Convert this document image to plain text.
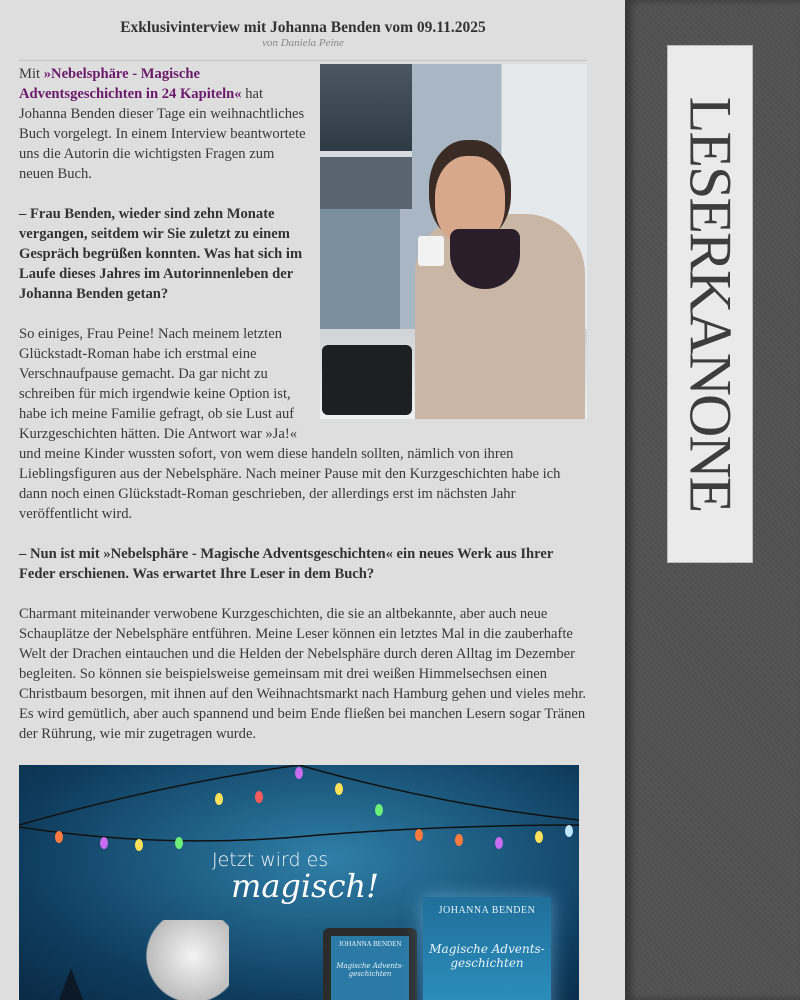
Exklusivinterview mit Johanna Benden vom 09.11.2025
von Daniela Peine

Mit »Nebelsphäre - Magische Adventsgeschichten in 24 Kapiteln« hat Johanna Benden dieser Tage ein weihnachtliches Buch vorgelegt. In einem Interview beantwortete uns die Autorin die wichtigsten Fragen zum neuen Buch.

– Frau Benden, wieder sind zehn Monate vergangen, seitdem wir Sie zuletzt zu einem Gespräch begrüßen konnten. Was hat sich im Laufe dieses Jahres im Autorinnenleben der Johanna Benden getan?

So einiges, Frau Peine! Nach meinem letzten Glückstadt-Roman habe ich erstmal eine Verschnaufpause gemacht. Da gar nicht zu schreiben für mich irgendwie keine Option ist, habe ich meine Familie gefragt, ob sie Lust auf Kurzgeschichten hätten. Die Antwort war »Ja!« und meine Kinder wussten sofort, von wem diese handeln sollten, nämlich von ihren Lieblingsfiguren aus der Nebelsphäre. Nach meiner Pause mit den Kurzgeschichten habe ich dann noch einen Glückstadt-Roman geschrieben, der allerdings erst im nächsten Jahr veröffentlicht wird.

– Nun ist mit »Nebelsphäre - Magische Adventsgeschichten« ein neues Werk aus Ihrer Feder erschienen. Was erwartet Ihre Leser in dem Buch?

Charmant miteinander verwobene Kurzgeschichten, die sie an altbekannte, aber auch neue Schauplätze der Nebelsphäre entführen. Meine Leser können ein letztes Mal in die zauberhafte Welt der Drachen eintauchen und die Helden der Nebelsphäre durch deren Alltag im Dezember begleiten. So können sie beispielsweise gemeinsam mit drei weißen Himmelsechsen einen Christbaum besorgen, mit ihnen auf den Weihnachtsmarkt nach Hamburg gehen und vieles mehr. Es wird gemütlich, aber auch spannend und beim Ende fließen bei manchen Lesern sogar Tränen der Rührung, wie mir zugetragen wurde.

Jetzt wird es
magisch!
JOHANNA BENDEN
Magische Advents-geschichten
JOHANNA BENDEN
Magische Advents-geschichten
LESERKANONE
